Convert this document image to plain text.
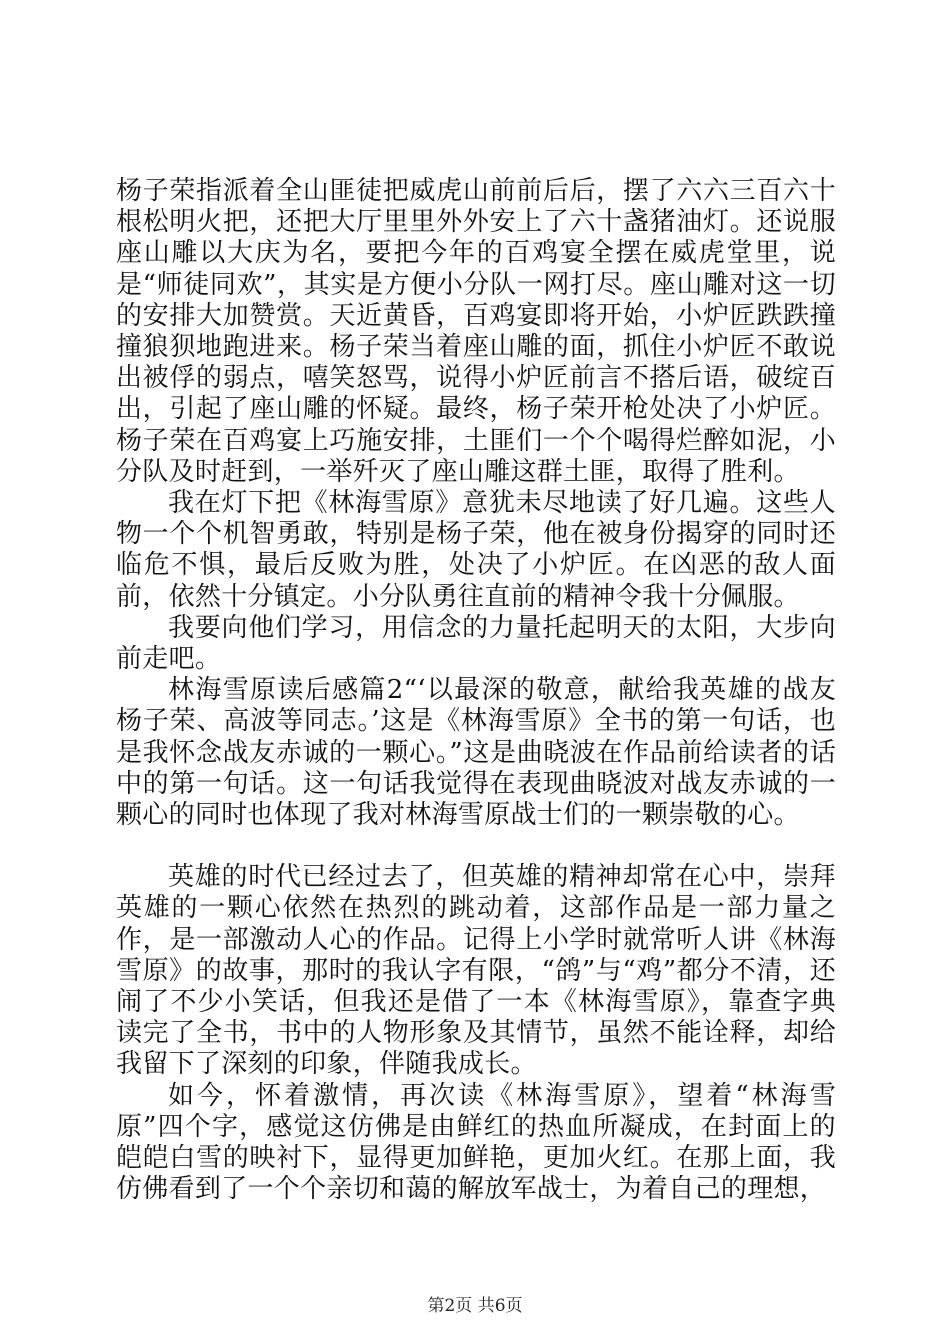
杨子荣指派着全山匪徒把威虎山前前后后，摆了六六三百六十根松明火把，还把大厅里里外外安上了六十盏猪油灯。还说服座山雕以大庆为名，要把今年的百鸡宴全摆在威虎堂里，说是“师徒同欢”，其实是方便小分队一网打尽。座山雕对这一切的安排大加赞赏。天近黄昏，百鸡宴即将开始，小炉匠跌跌撞撞狼狈地跑进来。杨子荣当着座山雕的面，抓住小炉匠不敢说出被俘的弱点，嘻笑怒骂，说得小炉匠前言不搭后语，破绽百出，引起了座山雕的怀疑。最终，杨子荣开枪处决了小炉匠。杨子荣在百鸡宴上巧施安排，土匪们一个个喝得烂醉如泥，小分队及时赶到，一举歼灭了座山雕这群土匪，取得了胜利。

我在灯下把《林海雪原》意犹未尽地读了好几遍。这些人物一个个机智勇敢，特别是杨子荣，他在被身份揭穿的同时还临危不惧，最后反败为胜，处决了小炉匠。在凶恶的敌人面前，依然十分镇定。小分队勇往直前的精神令我十分佩服。

我要向他们学习，用信念的力量托起明天的太阳，大步向前走吧。

林海雪原读后感篇2“‘以最深的敬意，献给我英雄的战友杨子荣、高波等同志。’这是《林海雪原》全书的第一句话，也是我怀念战友赤诚的一颗心。”这是曲晓波在作品前给读者的话中的第一句话。这一句话我觉得在表现曲晓波对战友赤诚的一颗心的同时也体现了我对林海雪原战士们的一颗崇敬的心。

英雄的时代已经过去了，但英雄的精神却常在心中，崇拜英雄的一颗心依然在热烈的跳动着，这部作品是一部力量之作，是一部激动人心的作品。记得上小学时就常听人讲《林海雪原》的故事，那时的我认字有限，“鸽”与“鸡”都分不清，还闹了不少小笑话，但我还是借了一本《林海雪原》，靠查字典读完了全书，书中的人物形象及其情节，虽然不能诠释，却给我留下了深刻的印象，伴随我成长。

如今，怀着激情，再次读《林海雪原》，望着“林海雪原”四个字，感觉这仿佛是由鲜红的热血所凝成，在封面上的皑皑白雪的映衬下，显得更加鲜艳，更加火红。在那上面，我仿佛看到了一个个亲切和蔼的解放军战士，为着自己的理想，

第2页 共6页
